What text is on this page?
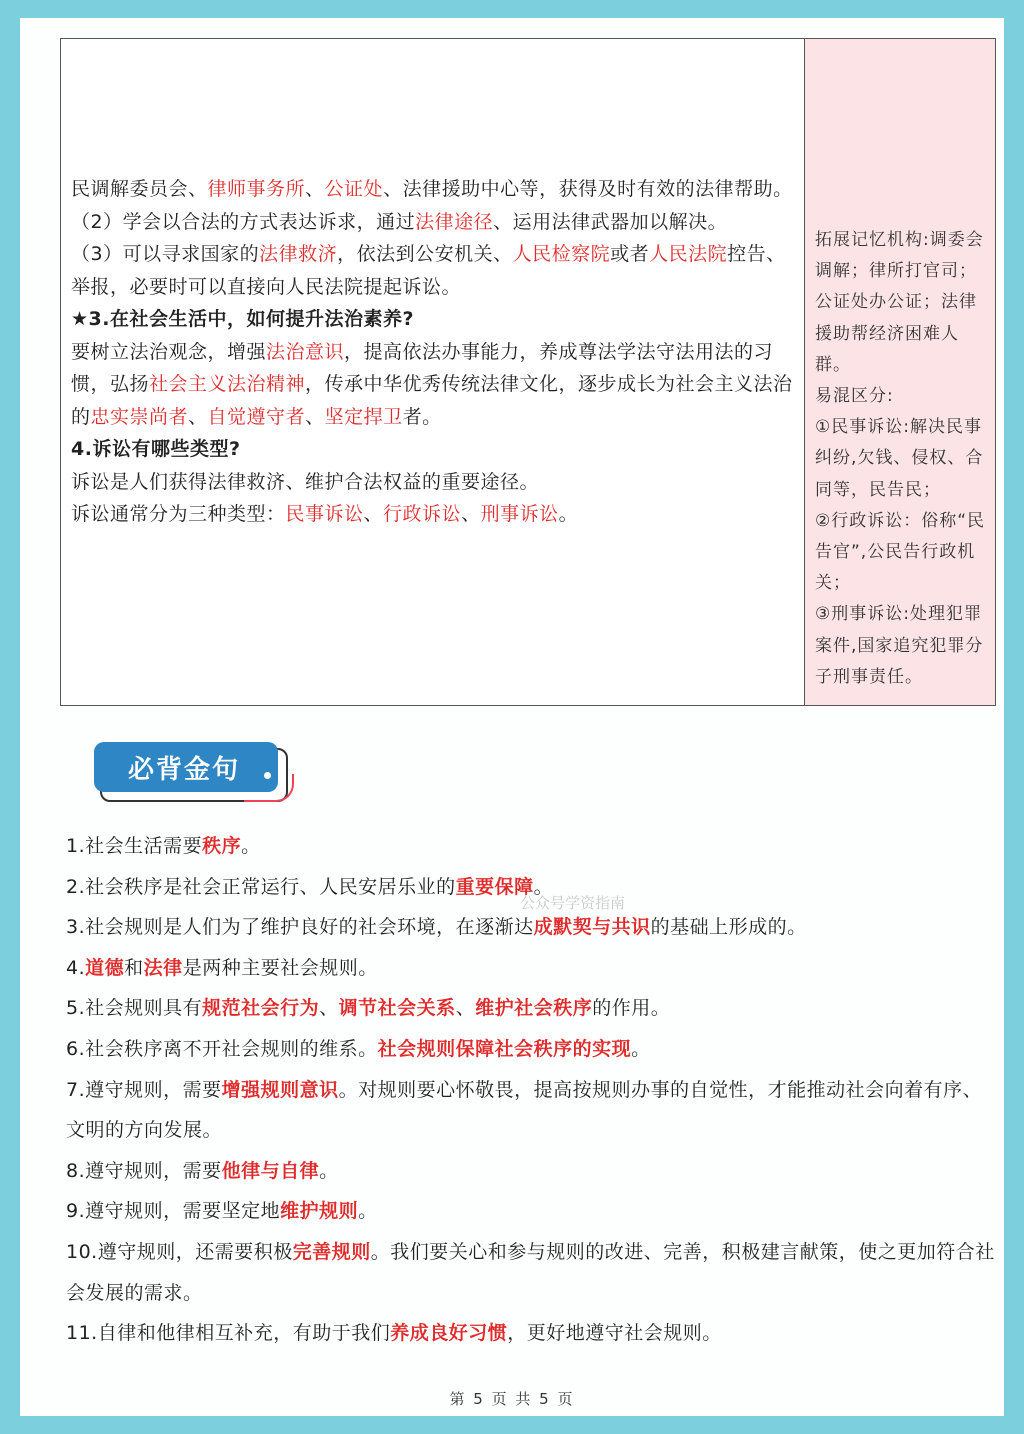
民调解委员会、律师事务所、公证处、法律援助中心等，获得及时有效的法律帮助。

（2）学会以合法的方式表达诉求，通过法律途径、运用法律武器加以解决。

（3）可以寻求国家的法律救济，依法到公安机关、人民检察院或者人民法院控告、举报，必要时可以直接向人民法院提起诉讼。

★3.在社会生活中，如何提升法治素养?

要树立法治观念，增强法治意识，提高依法办事能力，养成尊法学法守法用法的习惯，弘扬社会主义法治精神，传承中华优秀传统法律文化，逐步成长为社会主义法治的忠实崇尚者、自觉遵守者、坚定捍卫者。

4.诉讼有哪些类型?

诉讼是人们获得法律救济、维护合法权益的重要途径。

诉讼通常分为三种类型：民事诉讼、行政诉讼、刑事诉讼。

拓展记忆机构:调委会调解；律所打官司；公证处办公证；法律援助帮经济困难人群。

易混区分:

①民事诉讼:解决民事纠纷,欠钱、侵权、合同等，民告民；

②行政诉讼：俗称“民告官”,公民告行政机关；

③刑事诉讼:处理犯罪案件,国家追究犯罪分子刑事责任。

必背金句

1.社会生活需要秩序。

2.社会秩序是社会正常运行、人民安居乐业的重要保障。

3.社会规则是人们为了维护良好的社会环境，在逐渐达成默契与共识的基础上形成的。

4.道德和法律是两种主要社会规则。

5.社会规则具有规范社会行为、调节社会关系、维护社会秩序的作用。

6.社会秩序离不开社会规则的维系。社会规则保障社会秩序的实现。

7.遵守规则，需要增强规则意识。对规则要心怀敬畏，提高按规则办事的自觉性，才能推动社会向着有序、文明的方向发展。

8.遵守规则，需要他律与自律。

9.遵守规则，需要坚定地维护规则。

10.遵守规则，还需要积极完善规则。我们要关心和参与规则的改进、完善，积极建言献策，使之更加符合社会发展的需求。

11.自律和他律相互补充，有助于我们养成良好习惯，更好地遵守社会规则。

公众号学资指南
第 5 页 共 5 页
